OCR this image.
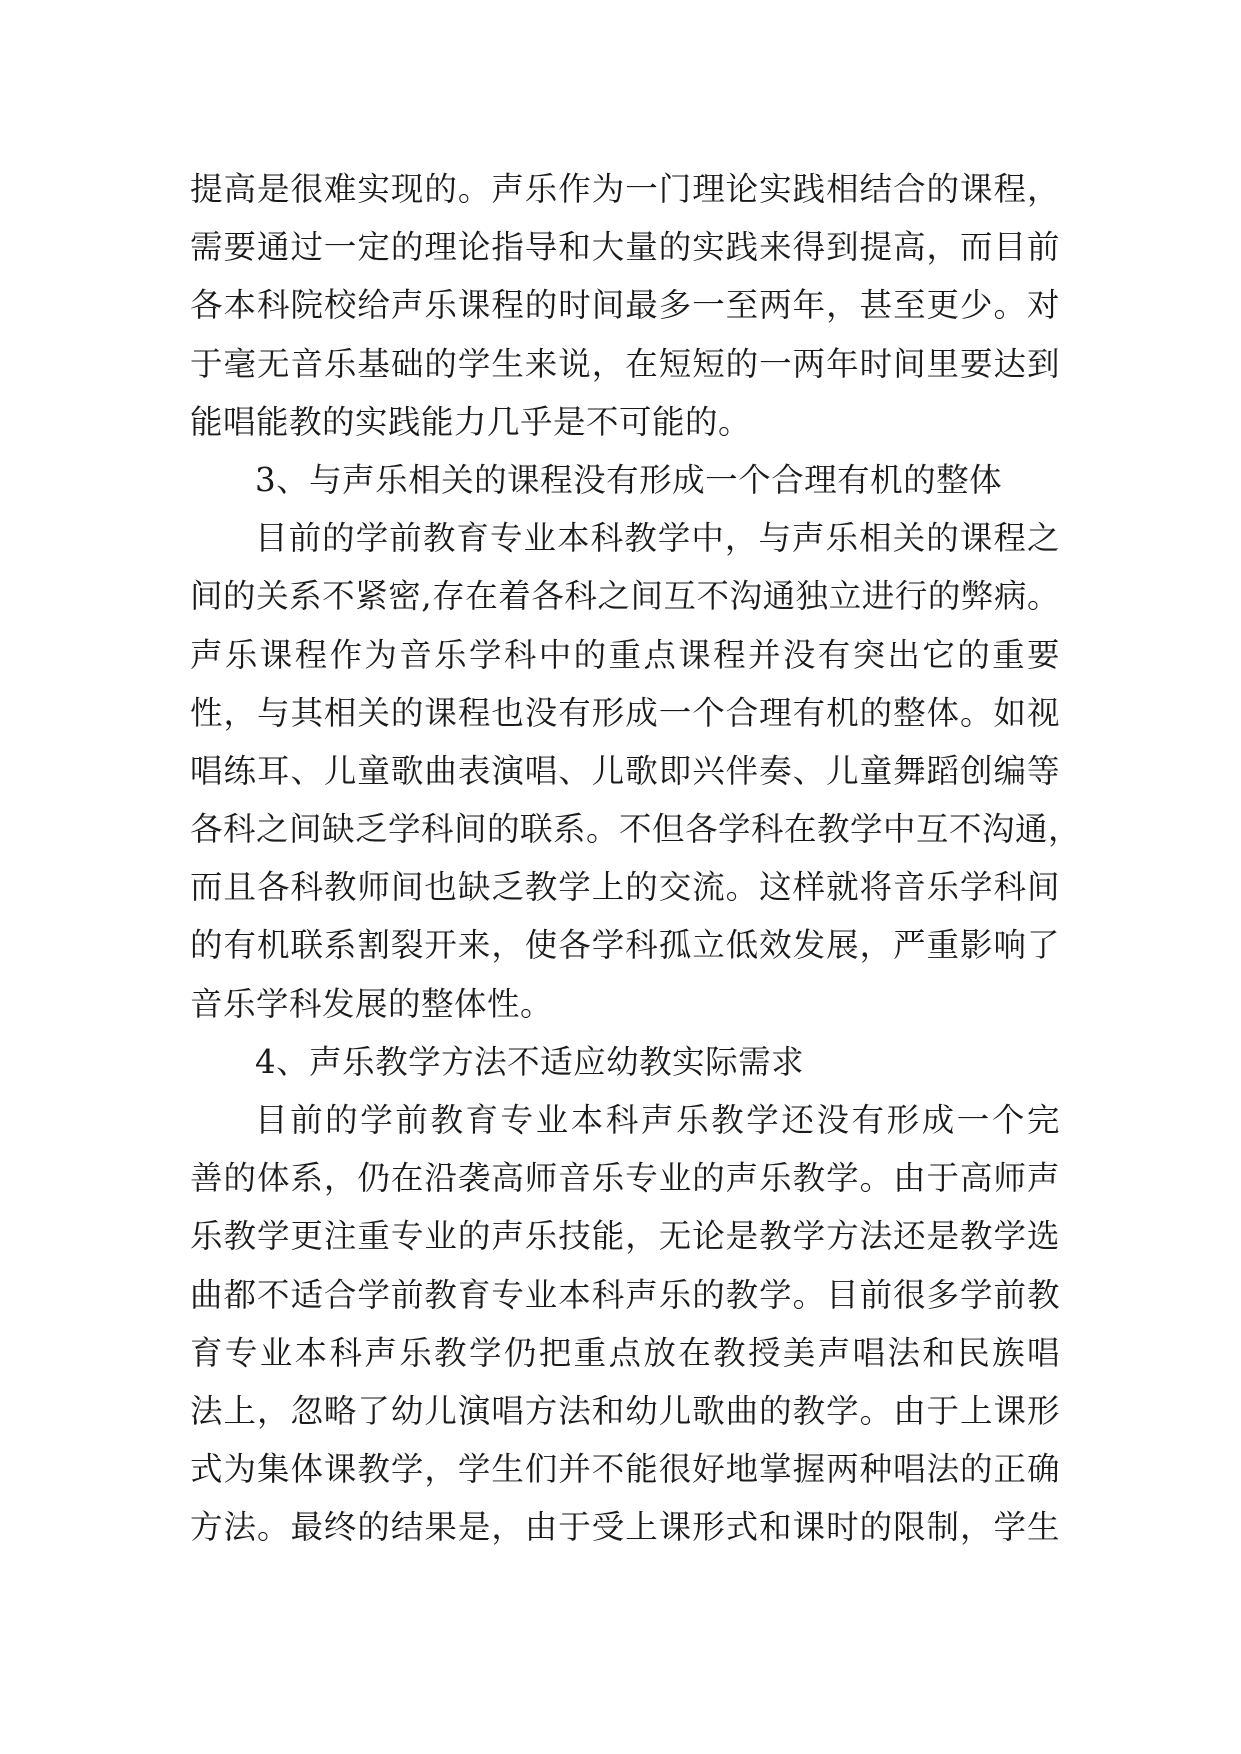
提高是很难实现的。声乐作为一门理论实践相结合的课程，
需要通过一定的理论指导和大量的实践来得到提高，而目前
各本科院校给声乐课程的时间最多一至两年，甚至更少。对
于毫无音乐基础的学生来说，在短短的一两年时间里要达到
能唱能教的实践能力几乎是不可能的。
3、与声乐相关的课程没有形成一个合理有机的整体
目前的学前教育专业本科教学中，与声乐相关的课程之
间的关系不紧密,存在着各科之间互不沟通独立进行的弊病。
声乐课程作为音乐学科中的重点课程并没有突出它的重要
性，与其相关的课程也没有形成一个合理有机的整体。如视
唱练耳、儿童歌曲表演唱、儿歌即兴伴奏、儿童舞蹈创编等
各科之间缺乏学科间的联系。不但各学科在教学中互不沟通，
而且各科教师间也缺乏教学上的交流。这样就将音乐学科间
的有机联系割裂开来，使各学科孤立低效发展，严重影响了
音乐学科发展的整体性。
4、声乐教学方法不适应幼教实际需求
目前的学前教育专业本科声乐教学还没有形成一个完
善的体系，仍在沿袭高师音乐专业的声乐教学。由于高师声
乐教学更注重专业的声乐技能，无论是教学方法还是教学选
曲都不适合学前教育专业本科声乐的教学。目前很多学前教
育专业本科声乐教学仍把重点放在教授美声唱法和民族唱
法上，忽略了幼儿演唱方法和幼儿歌曲的教学。由于上课形
式为集体课教学，学生们并不能很好地掌握两种唱法的正确
方法。最终的结果是，由于受上课形式和课时的限制，学生
